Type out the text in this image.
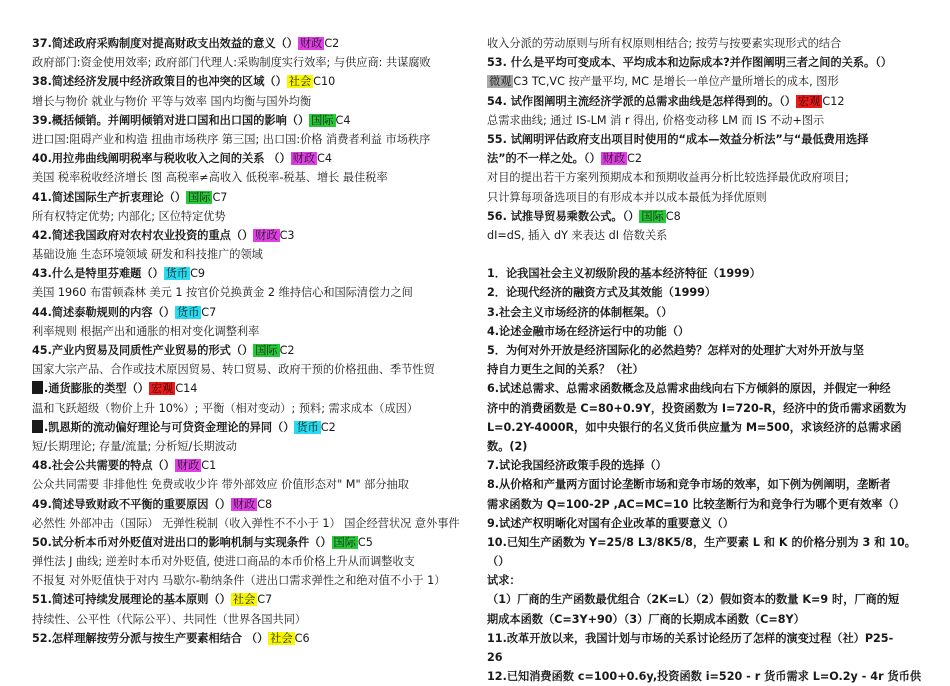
37.简述政府采购制度对提高财政支出效益的意义（） 财政 C2
政府部门:资金使用效率; 政府部门代理人:采购制度实行效率; 与供应商: 共谋腐败
38.简述经济发展中经济政策目的也冲突的区域（） 社会 C10
增长与物价 就业与物价 平等与效率 国内均衡与国外均衡
39.概括倾销。并阐明倾销对进口国和出口国的影响（） 国际 C4
进口国:阻碍产业和构造 扭曲市场秩序 第三国; 出口国:价格 消费者利益 市场秩序
40.用拉弗曲线阐明税率与税收收入之间的关系 （） 财政 C4
美国 税率税收经济增长 图 高税率≠高收入 低税率-税基、增长 最佳税率
41.简述国际生产折衷理论（） 国际 C7
所有权特定优势; 内部化; 区位特定优势
42.简述我国政府对农村农业投资的重点（） 财政 C3
基础设施 生态环境领域 研发和科技推广的领域
43.什么是特里芬难题（） 货币 C9
美国 1960 布雷顿森林 美元 1 按官价兑换黄金 2 维持信心和国际清偿力之间
44.简述泰勒规则的内容（） 货币 C7
利率规则 根据产出和通胀的相对变化调整利率
45.产业内贸易及同质性产业贸易的形式（） 国际 C2
国家大宗产品、合作或技术原因贸易、转口贸易、政府干预的价格扭曲、季节性贸
.通货膨胀的类型（） 宏观 C14
温和飞跃超级（物价上升 10%）; 平衡（相对变动）; 预料; 需求成本（成因）
.凯恩斯的流动偏好理论与可贷资金理论的异同（） 货币 C2
短/长期理论; 存量/流量; 分析短/长期波动
48.社会公共需要的特点（） 财政 C1
公众共同需要 非排他性 免费或收少许 带外部效应 价值形态对" M" 部分抽取
49.简述导致财政不平衡的重要原因（） 财政 C8
必然性 外部冲击（国际） 无弹性税制（收入弹性不不小于 1） 国企经营状况 意外事件
50.试分析本币对外贬值对进出口的影响机制与实现条件（） 国际 C5
弹性法 J 曲线; 逆差时本币对外贬值, 使进口商品的本币价格上升从而调整收支
不报复 对外贬值快于对内 马歇尔-勒纳条件（进出口需求弹性之和绝对值不小于 1）
51.简述可持续发展理论的基本原则（） 社会 C7
持续性、公平性（代际公平）、共同性（世界各国共同）
52.怎样理解按劳分派与按生产要素相结合 （） 社会 C6
收入分派的劳动原则与所有权原则相结合; 按劳与按要素实现形式的结合
53. 什么是平均可变成本、平均成本和边际成本?并作图阐明三者之间的关系。（）
微观 C3 TC,VC 按产量平均, MC 是增长一单位产量所增长的成本, 图形
54. 试作图阐明主流经济学派的总需求曲线是怎样得到的。（） 宏观 C12
总需求曲线; 通过 IS-LM 消 r 得出, 价格变动移 LM 而 IS 不动+图示
55. 试阐明评估政府支出项目时使用的“成本—效益分析法”与“最低费用选择
法”的不一样之处。（） 财政 C2
对目的提出若干方案列预期成本和预期收益再分析比较选择最优政府项目;
只计算每项备选项目的有形成本并以成本最低为择优原则
56. 试推导贸易乘数公式。（） 国际 C8
dI=dS, 插入 dY 来表达 dI 倍数关系
1．论我国社会主义初级阶段的基本经济特征（1999）
2．论现代经济的融资方式及其效能（1999）
3.社会主义市场经济的体制框架。（）
4.论述金融市场在经济运行中的功能（）
5．为何对外开放是经济国际化的必然趋势？怎样对的处理扩大对外开放与坚
持自力更生之间的关系？（社）
6.试述总需求、总需求函数概念及总需求曲线向右下方倾斜的原因，并假定一种经
济中的消费函数是 C=80+0.9Y，投资函数为 I=720-R，经济中的货币需求函数为
L=0.2Y-4000R，如中央银行的名义货币供应量为 M=500，求该经济的总需求函
数。(2)
7.试论我国经济政策手段的选择（）
8.从价格和产量两方面讨论垄断市场和竞争市场的效率，如下例为例阐明，垄断者
需求函数为 Q=100-2P ,AC=MC=10 比较垄断行为和竞争行为哪个更有效率（）
9.试述产权明晰化对国有企业改革的重要意义（）
10.已知生产函数为 Y=25/8 L3/8K5/8，生产要素 L 和 K 的价格分别为 3 和 10。
（）
试求：
（1）厂商的生产函数最优组合（2K=L）（2）假如资本的数量 K=9 时，厂商的短
期成本函数（C=3Y+90）（3）厂商的长期成本函数（C=8Y）
11.改革开放以来，我国计划与市场的关系讨论经历了怎样的演变过程（社）P25-
26
12.已知消费函数 c=100+0.6y,投资函数 i=520 - r 货币需求 L=O.2y - 4r 货币供
